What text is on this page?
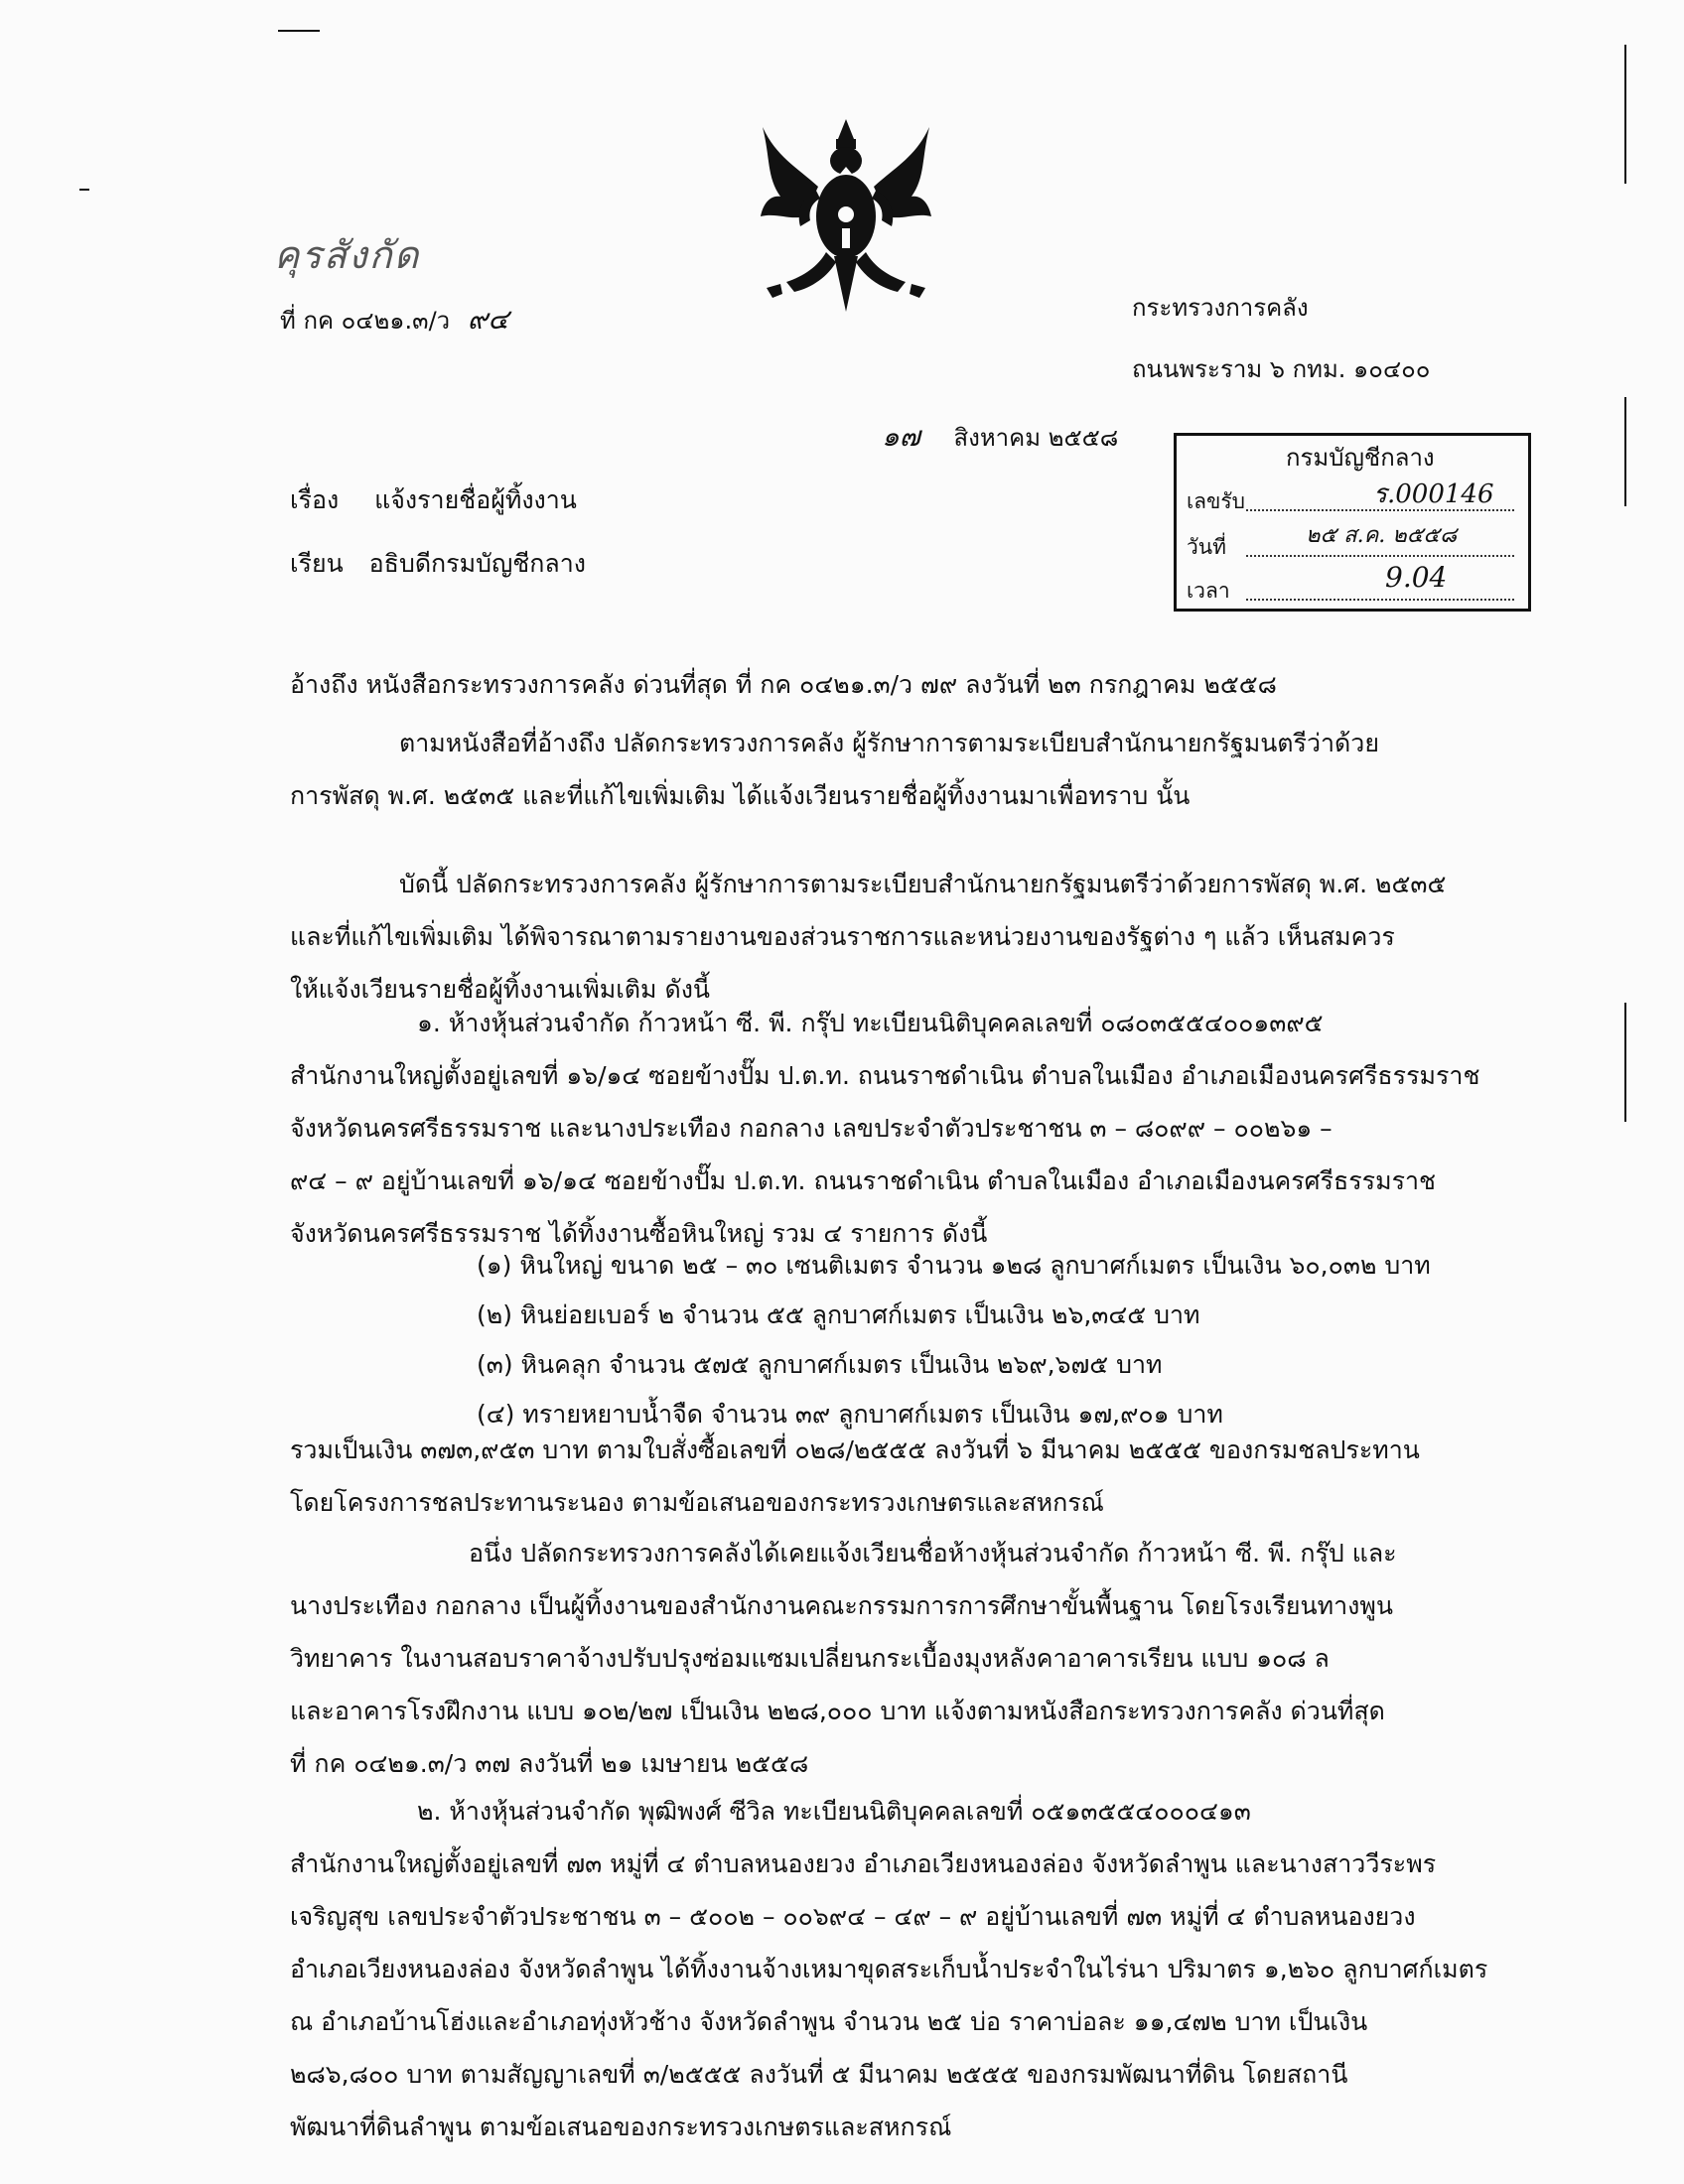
คุรสังกัด
ที่ กค ๐๔๒๑.๓/ว ๙๔	กระทรวงการคลัง
ถนนพระราม ๖ กทม. ๑๐๔๐๐
๑๗ สิงหาคม ๒๕๕๘
กรมบัญชีกลาง
เลขรับ	ร.000146
วันที่	๒๕ ส.ค. ๒๕๕๘
เวลา	9.04
เรื่อง แจ้งรายชื่อผู้ทิ้งงาน
เรียน อธิบดีกรมบัญชีกลาง
อ้างถึง หนังสือกระทรวงการคลัง ด่วนที่สุด ที่ กค ๐๔๒๑.๓/ว ๗๙ ลงวันที่ ๒๓ กรกฎาคม ๒๕๕๘
ตามหนังสือที่อ้างถึง ปลัดกระทรวงการคลัง ผู้รักษาการตามระเบียบสำนักนายกรัฐมนตรีว่าด้วย
การพัสดุ พ.ศ. ๒๕๓๕ และที่แก้ไขเพิ่มเติม ได้แจ้งเวียนรายชื่อผู้ทิ้งงานมาเพื่อทราบ นั้น
บัดนี้ ปลัดกระทรวงการคลัง ผู้รักษาการตามระเบียบสำนักนายกรัฐมนตรีว่าด้วยการพัสดุ พ.ศ. ๒๕๓๕
และที่แก้ไขเพิ่มเติม ได้พิจารณาตามรายงานของส่วนราชการและหน่วยงานของรัฐต่าง ๆ แล้ว เห็นสมควร
ให้แจ้งเวียนรายชื่อผู้ทิ้งงานเพิ่มเติม ดังนี้
๑. ห้างหุ้นส่วนจำกัด ก้าวหน้า ซี. พี. กรุ๊ป ทะเบียนนิติบุคคลเลขที่ ๐๘๐๓๕๕๔๐๐๑๓๙๕
สำนักงานใหญ่ตั้งอยู่เลขที่ ๑๖/๑๔ ซอยข้างปั๊ม ป.ต.ท. ถนนราชดำเนิน ตำบลในเมือง อำเภอเมืองนครศรีธรรมราช
จังหวัดนครศรีธรรมราช และนางประเทือง กอกลาง เลขประจำตัวประชาชน ๓ – ๘๐๙๙ – ๐๐๒๖๑ –
๙๔ – ๙ อยู่บ้านเลขที่ ๑๖/๑๔ ซอยข้างปั๊ม ป.ต.ท. ถนนราชดำเนิน ตำบลในเมือง อำเภอเมืองนครศรีธรรมราช
จังหวัดนครศรีธรรมราช ได้ทิ้งงานซื้อหินใหญ่ รวม ๔ รายการ ดังนี้
(๑) หินใหญ่ ขนาด ๒๕ – ๓๐ เซนติเมตร จำนวน ๑๒๘ ลูกบาศก์เมตร เป็นเงิน ๖๐,๐๓๒ บาท
(๒) หินย่อยเบอร์ ๒ จำนวน ๕๕ ลูกบาศก์เมตร เป็นเงิน ๒๖,๓๔๕ บาท
(๓) หินคลุก จำนวน ๕๗๕ ลูกบาศก์เมตร เป็นเงิน ๒๖๙,๖๗๕ บาท
(๔) ทรายหยาบน้ำจืด จำนวน ๓๙ ลูกบาศก์เมตร เป็นเงิน ๑๗,๙๐๑ บาท
รวมเป็นเงิน ๓๗๓,๙๕๓ บาท ตามใบสั่งซื้อเลขที่ ๐๒๘/๒๕๕๕ ลงวันที่ ๖ มีนาคม ๒๕๕๕ ของกรมชลประทาน
โดยโครงการชลประทานระนอง ตามข้อเสนอของกระทรวงเกษตรและสหกรณ์
อนึ่ง ปลัดกระทรวงการคลังได้เคยแจ้งเวียนชื่อห้างหุ้นส่วนจำกัด ก้าวหน้า ซี. พี. กรุ๊ป และ
นางประเทือง กอกลาง เป็นผู้ทิ้งงานของสำนักงานคณะกรรมการการศึกษาขั้นพื้นฐาน โดยโรงเรียนทางพูน
วิทยาคาร ในงานสอบราคาจ้างปรับปรุงซ่อมแซมเปลี่ยนกระเบื้องมุงหลังคาอาคารเรียน แบบ ๑๐๘ ล
และอาคารโรงฝึกงาน แบบ ๑๐๒/๒๗ เป็นเงิน ๒๒๘,๐๐๐ บาท แจ้งตามหนังสือกระทรวงการคลัง ด่วนที่สุด
ที่ กค ๐๔๒๑.๓/ว ๓๗ ลงวันที่ ๒๑ เมษายน ๒๕๕๘
๒. ห้างหุ้นส่วนจำกัด พุฒิพงศ์ ซีวิล ทะเบียนนิติบุคคลเลขที่ ๐๕๑๓๕๕๔๐๐๐๔๑๓
สำนักงานใหญ่ตั้งอยู่เลขที่ ๗๓ หมู่ที่ ๔ ตำบลหนองยวง อำเภอเวียงหนองล่อง จังหวัดลำพูน และนางสาววีระพร
เจริญสุข เลขประจำตัวประชาชน ๓ – ๕๐๐๒ – ๐๐๖๙๔ – ๔๙ – ๙ อยู่บ้านเลขที่ ๗๓ หมู่ที่ ๔ ตำบลหนองยวง
อำเภอเวียงหนองล่อง จังหวัดลำพูน ได้ทิ้งงานจ้างเหมาขุดสระเก็บน้ำประจำในไร่นา ปริมาตร ๑,๒๖๐ ลูกบาศก์เมตร
ณ อำเภอบ้านโฮ่งและอำเภอทุ่งหัวช้าง จังหวัดลำพูน จำนวน ๒๕ บ่อ ราคาบ่อละ ๑๑,๔๗๒ บาท เป็นเงิน
๒๘๖,๘๐๐ บาท ตามสัญญาเลขที่ ๓/๒๕๕๕ ลงวันที่ ๕ มีนาคม ๒๕๕๕ ของกรมพัฒนาที่ดิน โดยสถานี
พัฒนาที่ดินลำพูน ตามข้อเสนอของกระทรวงเกษตรและสหกรณ์
